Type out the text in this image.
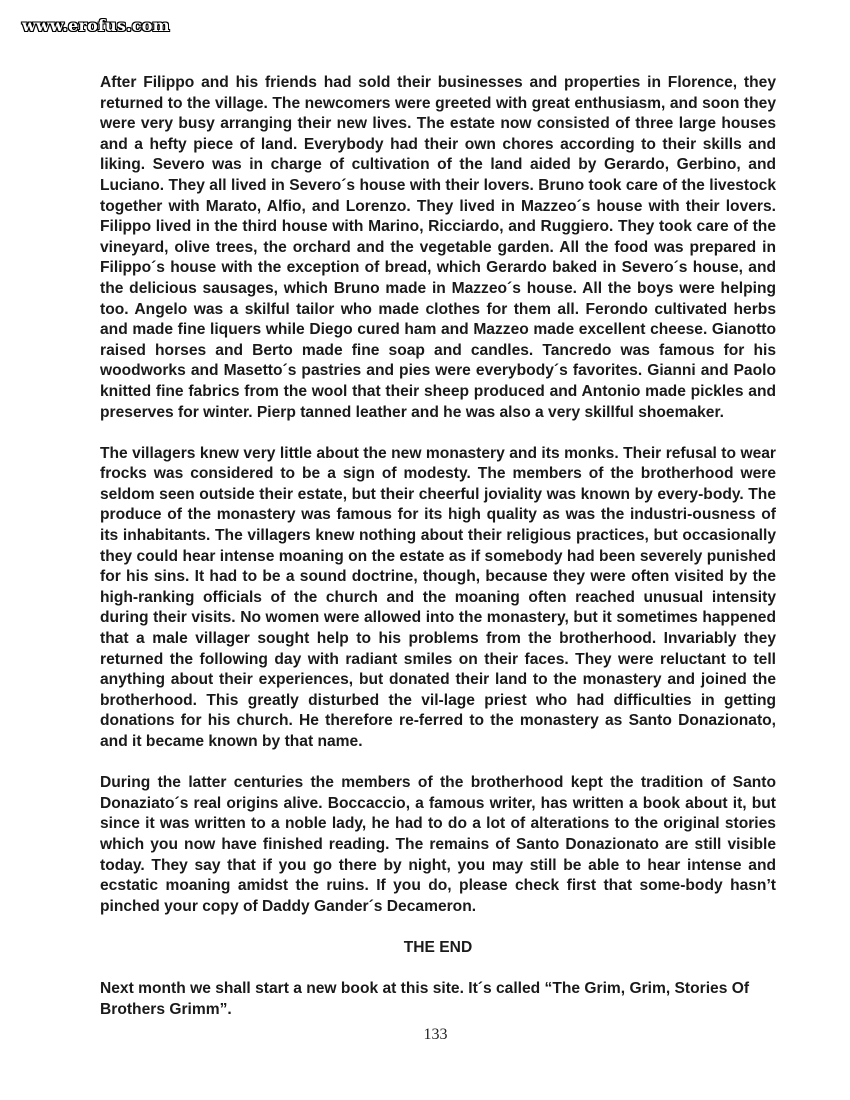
www.erofus.com

After Filippo and his friends had sold their businesses and properties in Florence, they returned to the village. The newcomers were greeted with great enthusiasm, and soon they were very busy arranging their new lives. The estate now consisted of three large houses and a hefty piece of land. Everybody had their own chores according to their skills and liking. Severo was in charge of cultivation of the land aided by Gerardo, Gerbino, and Luciano. They all lived in Severo´s house with their lovers. Bruno took care of the livestock together with Marato, Alfio, and Lorenzo. They lived in Mazzeo´s house with their lovers. Filippo lived in the third house with Marino, Ricciardo, and Ruggiero. They took care of the vineyard, olive trees, the orchard and the vegetable garden. All the food was prepared in Filippo´s house with the exception of bread, which Gerardo baked in Severo´s house, and the delicious sausages, which Bruno made in Mazzeo´s house. All the boys were helping too. Angelo was a skilful tailor who made clothes for them all. Ferondo cultivated herbs and made fine liquers while Diego cured ham and Mazzeo made excellent cheese. Gianotto raised horses and Berto made fine soap and candles. Tancredo was famous for his woodworks and Masetto´s pastries and pies were everybody´s favorites. Gianni and Paolo knitted fine fabrics from the wool that their sheep produced and Antonio made pickles and preserves for winter. Pierp tanned leather and he was also a very skillful shoemaker.

The villagers knew very little about the new monastery and its monks. Their refusal to wear frocks was considered to be a sign of modesty. The members of the brotherhood were seldom seen outside their estate, but their cheerful joviality was known by every-body. The produce of the monastery was famous for its high quality as was the industri-ousness of its inhabitants. The villagers knew nothing about their religious practices, but occasionally they could hear intense moaning on the estate as if somebody had been severely punished for his sins. It had to be a sound doctrine, though, because they were often visited by the high-ranking officials of the church and the moaning often reached unusual intensity during their visits. No women were allowed into the monastery, but it sometimes happened that a male villager sought help to his problems from the brotherhood. Invariably they returned the following day with radiant smiles on their faces. They were reluctant to tell anything about their experiences, but donated their land to the monastery and joined the brotherhood. This greatly disturbed the vil-lage priest who had difficulties in getting donations for his church. He therefore re-ferred to the monastery as Santo Donazionato, and it became known by that name.

During the latter centuries the members of the brotherhood kept the tradition of Santo Donaziato´s real origins alive. Boccaccio, a famous writer, has written a book about it, but since it was written to a noble lady, he had to do a lot of alterations to the original stories which you now have finished reading. The remains of Santo Donazionato are still visible today. They say that if you go there by night, you may still be able to hear intense and ecstatic moaning amidst the ruins. If you do, please check first that some-body hasn’t pinched your copy of Daddy Gander´s Decameron.

THE END

Next month we shall start a new book at this site. It´s called “The Grim, Grim, Stories Of Brothers Grimm”.

133
